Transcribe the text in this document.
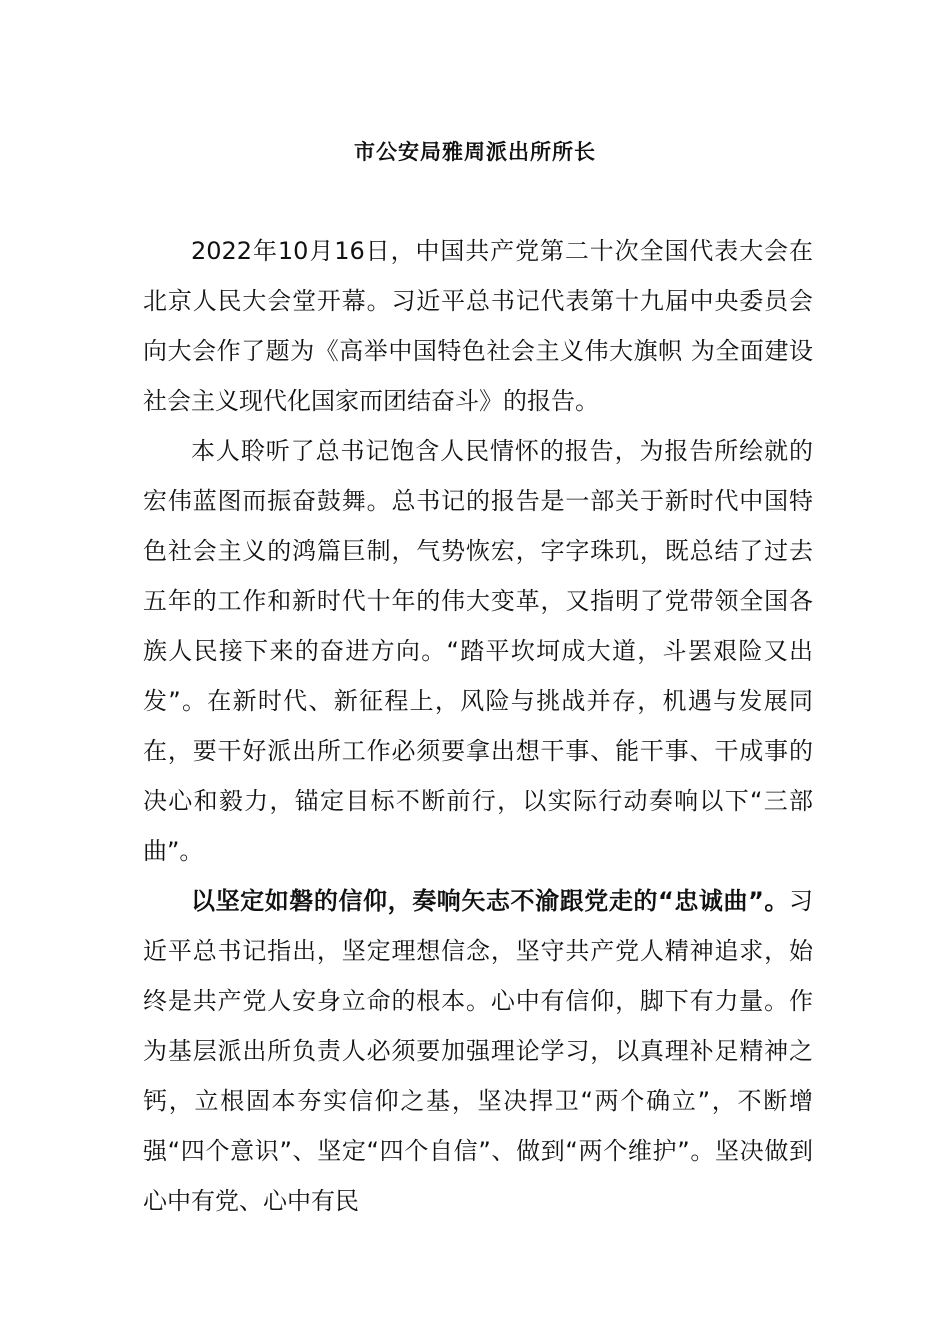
市公安局雅周派出所所长

2022年10月16日，中国共产党第二十次全国代表大会在北京人民大会堂开幕。习近平总书记代表第十九届中央委员会向大会作了题为《高举中国特色社会主义伟大旗帜 为全面建设社会主义现代化国家而团结奋斗》的报告。

本人聆听了总书记饱含人民情怀的报告，为报告所绘就的宏伟蓝图而振奋鼓舞。总书记的报告是一部关于新时代中国特色社会主义的鸿篇巨制，气势恢宏，字字珠玑，既总结了过去五年的工作和新时代十年的伟大变革，又指明了党带领全国各族人民接下来的奋进方向。“踏平坎坷成大道，斗罢艰险又出发”。在新时代、新征程上，风险与挑战并存，机遇与发展同在，要干好派出所工作必须要拿出想干事、能干事、干成事的决心和毅力，锚定目标不断前行，以实际行动奏响以下“三部曲”。

以坚定如磐的信仰，奏响矢志不渝跟党走的“忠诚曲”。习近平总书记指出，坚定理想信念，坚守共产党人精神追求，始终是共产党人安身立命的根本。心中有信仰，脚下有力量。作为基层派出所负责人必须要加强理论学习，以真理补足精神之钙，立根固本夯实信仰之基，坚决捍卫“两个确立”，不断增强“四个意识”、坚定“四个自信”、做到“两个维护”。坚决做到心中有党、心中有民
